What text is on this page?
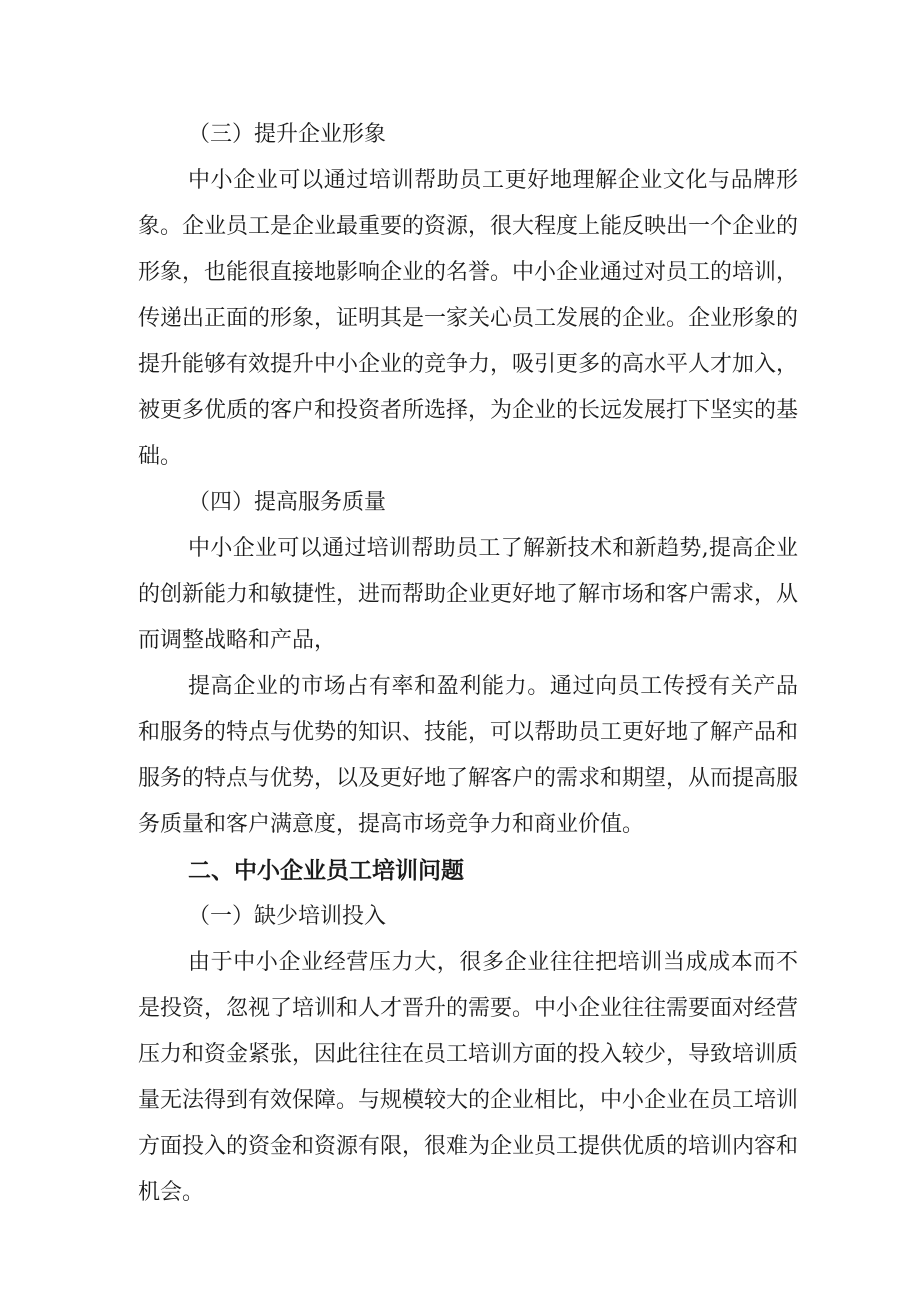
（三）提升企业形象

中小企业可以通过培训帮助员工更好地理解企业文化与品牌形象。企业员工是企业最重要的资源，很大程度上能反映出一个企业的形象，也能很直接地影响企业的名誉。中小企业通过对员工的培训，传递出正面的形象，证明其是一家关心员工发展的企业。企业形象的提升能够有效提升中小企业的竞争力，吸引更多的高水平人才加入，被更多优质的客户和投资者所选择，为企业的长远发展打下坚实的基础。

（四）提高服务质量

中小企业可以通过培训帮助员工了解新技术和新趋势,提高企业的创新能力和敏捷性，进而帮助企业更好地了解市场和客户需求，从而调整战略和产品，

提高企业的市场占有率和盈利能力。通过向员工传授有关产品和服务的特点与优势的知识、技能，可以帮助员工更好地了解产品和服务的特点与优势，以及更好地了解客户的需求和期望，从而提高服务质量和客户满意度，提高市场竞争力和商业价值。

二、中小企业员工培训问题
（一）缺少培训投入

由于中小企业经营压力大，很多企业往往把培训当成成本而不是投资，忽视了培训和人才晋升的需要。中小企业往往需要面对经营压力和资金紧张，因此往往在员工培训方面的投入较少，导致培训质量无法得到有效保障。与规模较大的企业相比，中小企业在员工培训方面投入的资金和资源有限，很难为企业员工提供优质的培训内容和机会。
